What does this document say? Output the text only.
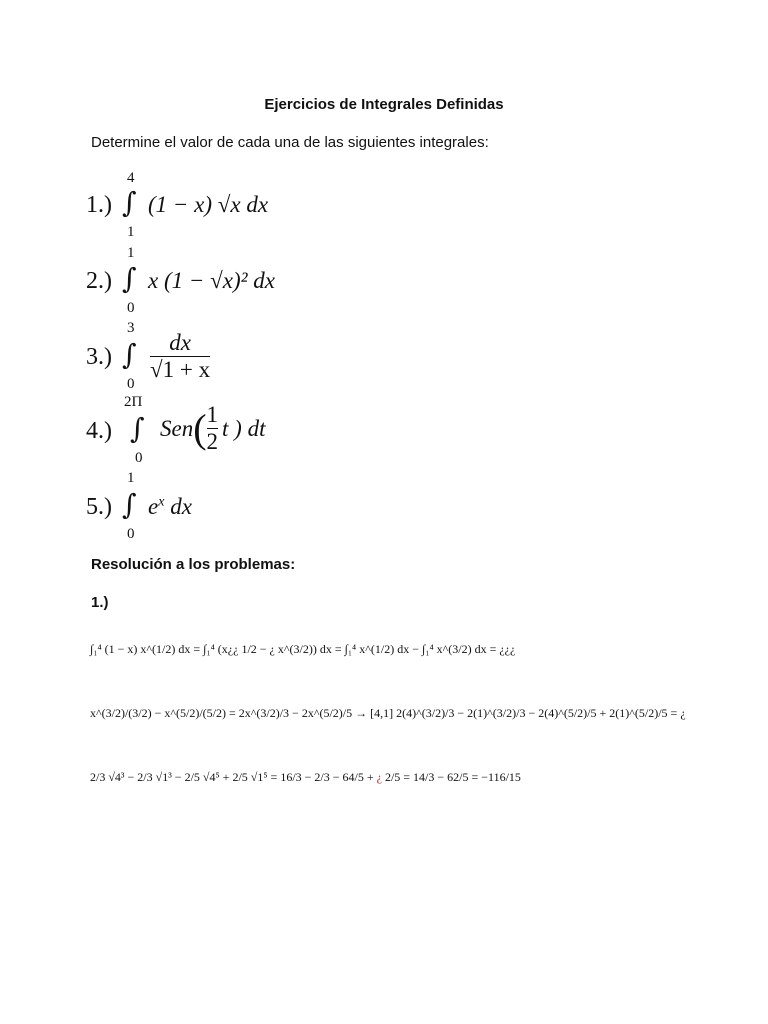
Ejercicios de Integrales Definidas
Determine el valor de cada una de las siguientes integrales:
1.)
4
∫
1
(1 − x) √x dx
2.)
1
∫
0
x (1 − √x)² dx
3.)
3
∫
0
$\frac{dx}{√1 + x}$
4.)
2Π
∫
0
Sen ( $\frac{1}{2}$ t ) dt
5.)
1
∫
0
$e^x$ dx
Resolución a los problemas:
1.)
∫₁⁴ (1 − x) x^(1/2) dx = ∫₁⁴ (x¿¿ 1/2 − ¿ x^(3/2)) dx = ∫₁⁴ x^(1/2) dx − ∫₁⁴ x^(3/2) dx = ¿¿¿
x^(3/2)/(3/2) − x^(5/2)/(5/2) = 2x^(3/2)/3 − 2x^(5/2)/5 → [4,1] 2(4)^(3/2)/3 − 2(1)^(3/2)/3 − 2(4)^(5/2)/5 + 2(1)^(5/2)/5 = ¿
2/3 √4³ − 2/3 √1³ − 2/5 √4⁵ + 2/5 √1⁵ = 16/3 − 2/3 − 64/5 + ¿ 2/5 = 14/3 − 62/5 = −116/15
